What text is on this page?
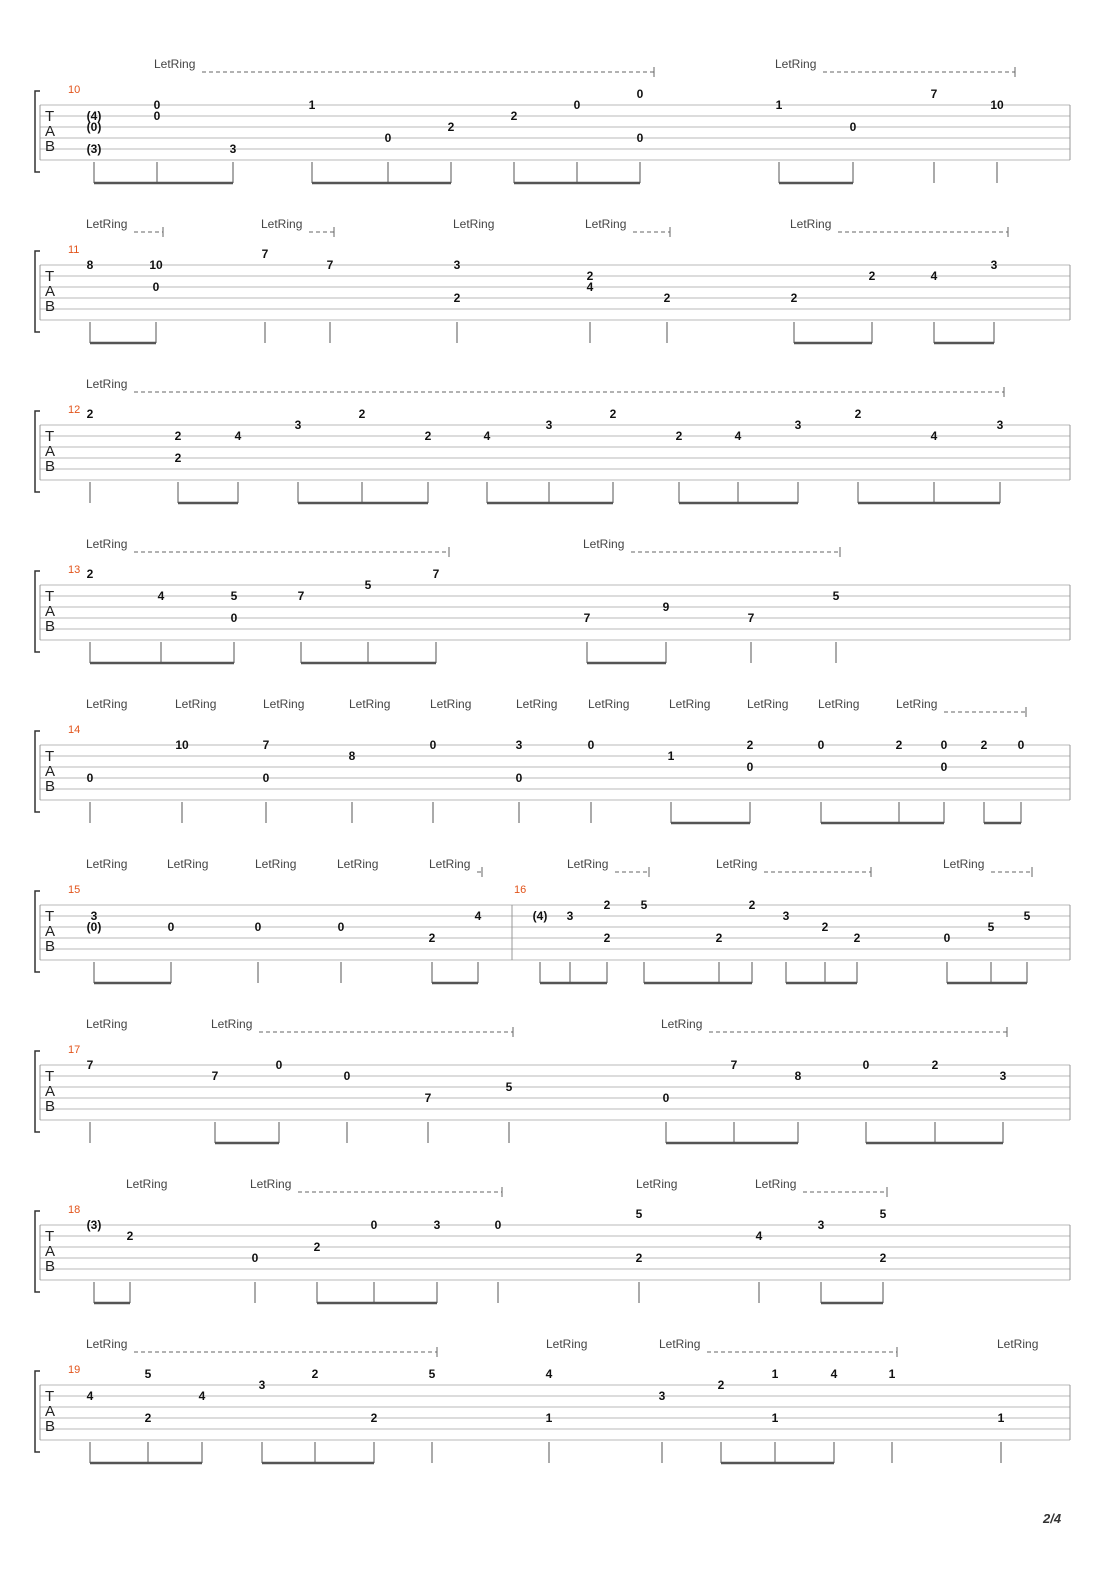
T
A
B
10
LetRing	LetRing
(4)
(0)
(3)
0
0
3
1
0
2
2
0
0
0
1
0
7
10
T
A
B
11
LetRing	LetRing	LetRing	LetRing	LetRing
8	10
0
7
7	3
2
2
4
2	2
2	4
3
T
A
B
12
LetRing
2
2
2
4
3
2
2	4
3
2
2	4
3
2
4
3
T
A
B
13
LetRing	LetRing
2
4	5
0
7
5
7
7
9
7
5
T
A
B
14
LetRing	LetRing	LetRing	LetRing	LetRing	LetRing	LetRing	LetRing	LetRing LetRing	LetRing
0
10	7
0
8
0	3
0
0
1
2
0
0	2	0	2	0
0
T
A
B
15	16
LetRing	LetRing	LetRing	LetRing	LetRing	LetRing	LetRing	LetRing
3
(0)	0	0	0
2
4	(4) 3
2	5
2	2
2
3
2
2	0
5
5
T
A
B
17
LetRing	LetRing	LetRing
7
7
0
0
7
5
0
7
8
0	2
3
T
A
B
18
LetRing	LetRing	LetRing	LetRing
(3)
2
0
2
0	3	0
5
2
4
3
2
5
T
A
B
19
LetRing	LetRing	LetRing	LetRing
4
5
2
4
3
2
2
5	4
1
3
2
1
1
4	1
1
2/4
